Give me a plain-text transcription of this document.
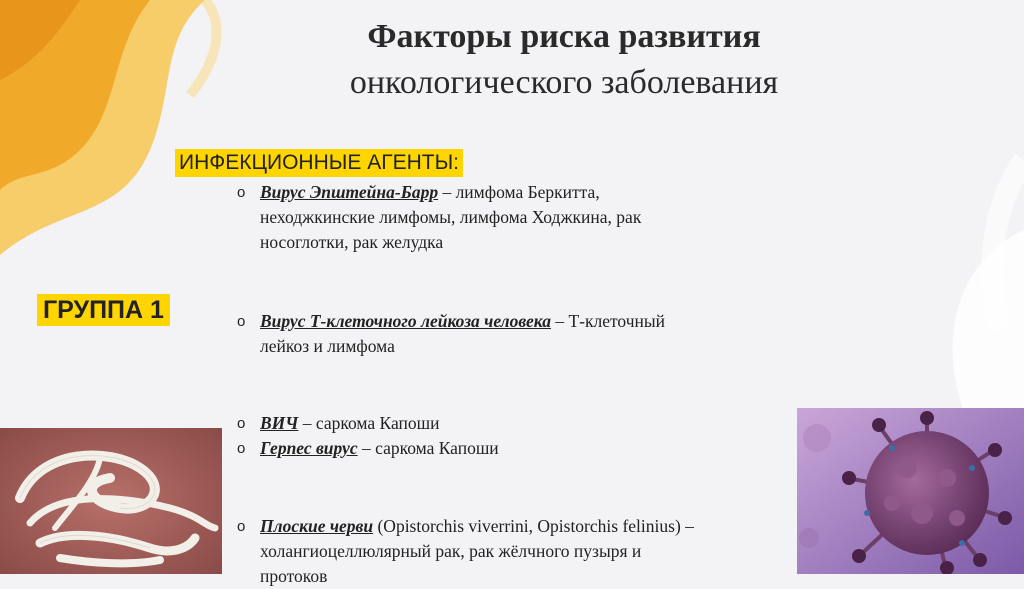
Факторы риска развития
онкологического заболевания
ИНФЕКЦИОННЫЕ АГЕНТЫ:
ГРУППА 1
o Вирус Эпштейна-Барр – лимфома Беркитта,
неходжкинские лимфомы, лимфома Ходжкина, рак
носоглотки, рак желудка
o Вирус Т-клеточного лейкоза человека – Т-клеточный
лейкоз и лимфома
o ВИЧ – саркома Капоши
o Герпес вирус – саркома Капоши
o Плоские черви (Opistorchis viverrini, Opistorchis felinius) –
холангиоцеллюлярный рак, рак жёлчного пузыря и
протоков
